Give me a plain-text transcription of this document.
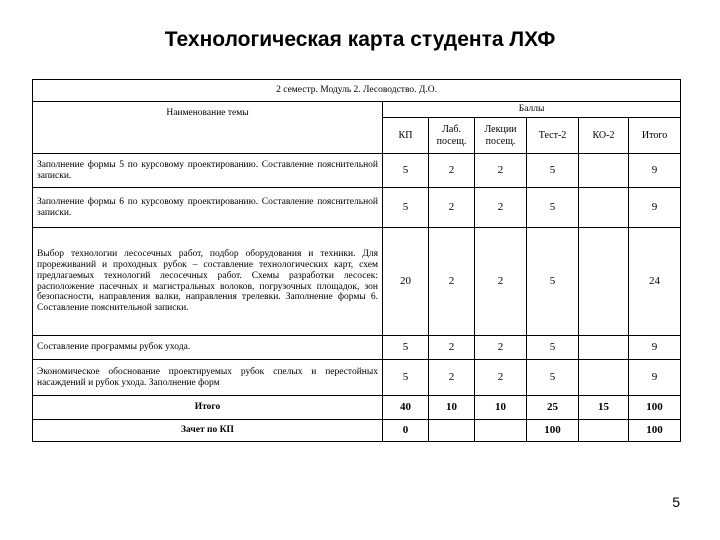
Технологическая карта студента ЛХФ
2 семестр. Модуль 2. Лесоводство. Д.О.						
Наименование темы	Баллы					
	КП	Лаб. посещ.	Лекции посещ.	Тест-2	КО-2	Итого
Заполнение формы 5 по курсовому проектированию. Составление пояснительной записки.	5	2	2	5		9
Заполнение формы 6 по курсовому проектированию. Составление пояснительной записки.	5	2	2	5		9
Выбор технологии лесосечных работ, подбор оборудования и техники. Для прореживаний и проходных рубок – составление технологических карт, схем предлагаемых технологий лесосечных работ. Схемы разработки лесосек: расположение пасечных и магистральных волоков, погрузочных площадок, зон безопасности, направления валки, направления трелевки. Заполнение формы 6. Составление пояснительной записки.	20	2	2	5		24
Составление программы рубок ухода.	5	2	2	5		9
Экономическое обоснование проектируемых рубок спелых и перестойных насаждений и рубок ухода. Заполнение форм	5	2	2	5		9
Итого	40	10	10	25	15	100
Зачет по КП	0			100		100
5
